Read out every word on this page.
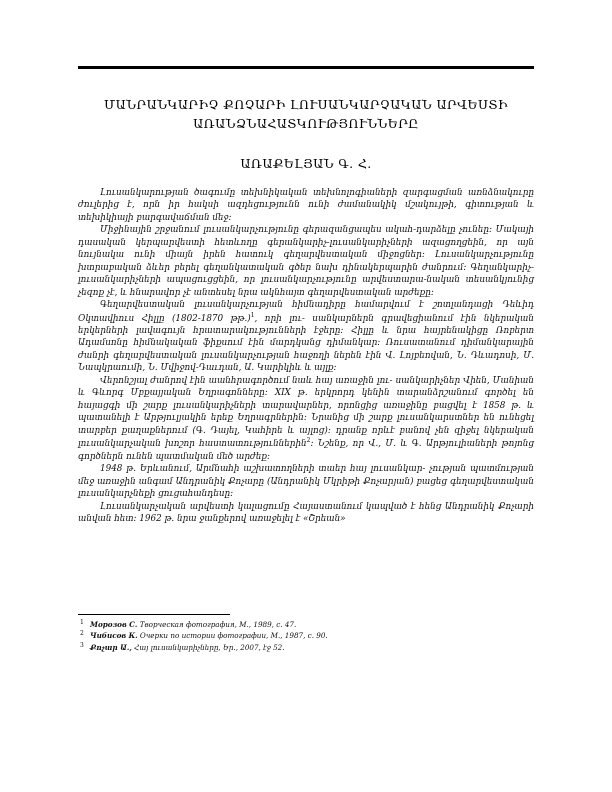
ՄԱՆՐԱՆԿԱՐԻՉ ՔՈՉԱՐԻ ԼՈՒՍԱՆԿԱՐՉԱԿԱՆ ԱՐՎԵՍՏԻ
ԱՌԱՆՁՆԱՀԱՏԿՈՒԹՅՈՒՆՆԵՐԸ
ԱՌԱՔԵԼՅԱՆ Գ. Հ.

Լուսանկարության ծագումը տեխնիկական տեխնոլոգիաների զարգացման առնձնակուրը ժուլերից է, որն իր հակսի ազդեցությունն ունի ժամանակիկ մշակույթի, գիտության և տեխիկիայի բարգավաճման մեջ։

Միջինային շրջանում լուսանկարչությունը գերազանցապես ակահ-դարձելը չունեը։ Մակայի դասական կերպարվեստի հետևողը գերանկարիչ-լուսանկարիչների ազացողցեին, որ այն նույնակա ունի միայն իրեն հատուկ գեղարվեստական միջոցներ։ Լուսանկարչությունը խտրաբական ձևեր բերել գեղանկատական գծեր նախ դինակերպարին ժանրում։ Գեղանկարիչ-լուսանկարիչների ապացուցցեին, որ լուսանկարչությունը արվեստարա-նական տեսանկյունից չեզոք չէ, և հնարավոր չէ անտեսել նրա ակնհայտ գեղարվեստական արժեքը։

Գեղարվեստական լուսանկարչության հիմնադիրը համարվում է շոտլանդացի Դեևիդ Օկտավիուս Հիլլը (1802-1870 թթ.)$^1$, որի լու- սանկարներն գրավեցիանում էին նկերական երկերների լավագույն հրատարակությունների էջերը։ Հիլլը և նրա հայրենակիցը Ռոբերտ Ադամսոնը հիմնակական ֆիքսում էին մարդկանց դիմանկար։ Ռուսատանում դիմանկարային ժանրի գեղարվեստական լուսանկարչության հաջողի ներեն էին Վ. Լոյբեովան, Ն. Դևադոսի, Մ. Նապկրաումի, Ն. Մվիջով-Դաւդան, Ա. Կարիկիև և այլք։

Վերոնշյալ ժանրով էին աանհրագործում նաև հայ առաջին լու- սանկարիչներ Վիեն, Մանիան և Գևորգ Մբքայյական Եղրագոնները։ XIX թ. երկրորդ կենին տարանձրշանում գործել են հայացգի մի շարք լուսանկարիչների տարավարներ, որոնցից առաջինը բացվել է 1858 թ. և պատանելի է Արթյուլյակին երեք Եղրագրներին։ Նրանից մի շարք լուսանկարստներ են ունեցել տարբեր քաղաքներում (Գ. Դայել, Կահիրե և այլոց)։ դրանք որևէ բանով չեն զիջել նկերական լուսանկարչական խոշոր հաստատություններին$^2$։ Նշենք, որ Վ., Մ. և Գ. Արթյուլիաների թոյոնց գործներն ունեն պատմական մեծ արժեք։

1948 թ. Երևանում, Արմնահի աշխատողների տաեր հայ լուսանկար- չության պատմության մեջ առաջին անգամ Անդրանիկ Քոչարը (Անդրանիկ Մկրիթի Քոչարյան) բացեց գեղարվեստական լուսանկարչնեքի ցուցահանդեսը։

Լուսանկարչական արվեստի կալացումը Հայաստանում կապված է հենց Անդրանիկ Քոչարի անվան հետ։ 1962 թ. նրա ջանքերով առաջելել է «Շրեան»

1 Морозов С. Творческая фотография, М., 1989, с. 47.

2 Чибисов К. Очерки по истории фотографии, М., 1987, с. 90.

3 Քոչար Ա., Հայ լուսանկարիչները, Եր., 2007, էջ 52.
